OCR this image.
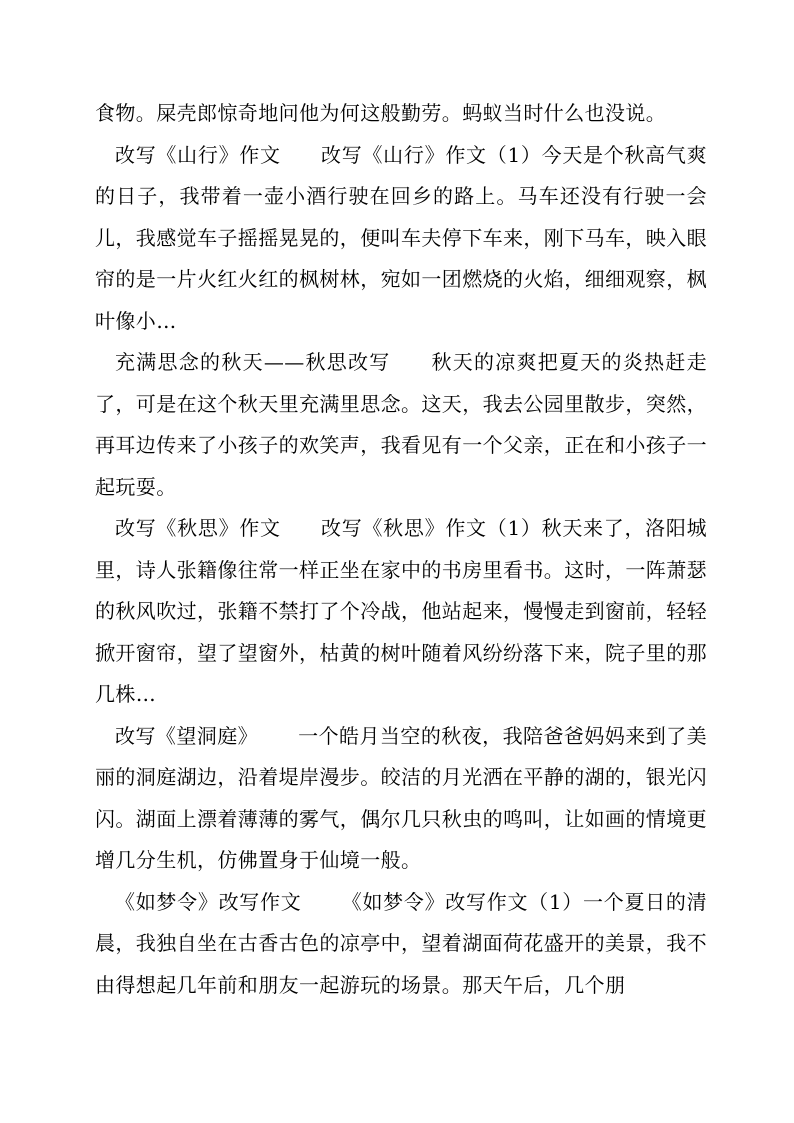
食物。屎壳郎惊奇地问他为何这般勤劳。蚂蚁当时什么也没说。

改写《山行》作文 改写《山行》作文（1）今天是个秋高气爽的日子，我带着一壶小酒行驶在回乡的路上。马车还没有行驶一会儿，我感觉车子摇摇晃晃的，便叫车夫停下车来，刚下马车，映入眼帘的是一片火红火红的枫树林，宛如一团燃烧的火焰，细细观察，枫叶像小…

充满思念的秋天——秋思改写 秋天的凉爽把夏天的炎热赶走了，可是在这个秋天里充满里思念。这天，我去公园里散步，突然，再耳边传来了小孩子的欢笑声，我看见有一个父亲，正在和小孩子一起玩耍。

改写《秋思》作文 改写《秋思》作文（1）秋天来了，洛阳城里，诗人张籍像往常一样正坐在家中的书房里看书。这时，一阵萧瑟的秋风吹过，张籍不禁打了个冷战，他站起来，慢慢走到窗前，轻轻掀开窗帘，望了望窗外，枯黄的树叶随着风纷纷落下来，院子里的那几株…

改写《望洞庭》 一个皓月当空的秋夜，我陪爸爸妈妈来到了美丽的洞庭湖边，沿着堤岸漫步。皎洁的月光洒在平静的湖的，银光闪闪。湖面上漂着薄薄的雾气，偶尔几只秋虫的鸣叫，让如画的情境更增几分生机，仿佛置身于仙境一般。

《如梦令》改写作文 《如梦令》改写作文（1）一个夏日的清晨，我独自坐在古香古色的凉亭中，望着湖面荷花盛开的美景，我不由得想起几年前和朋友一起游玩的场景。那天午后，几个朋
